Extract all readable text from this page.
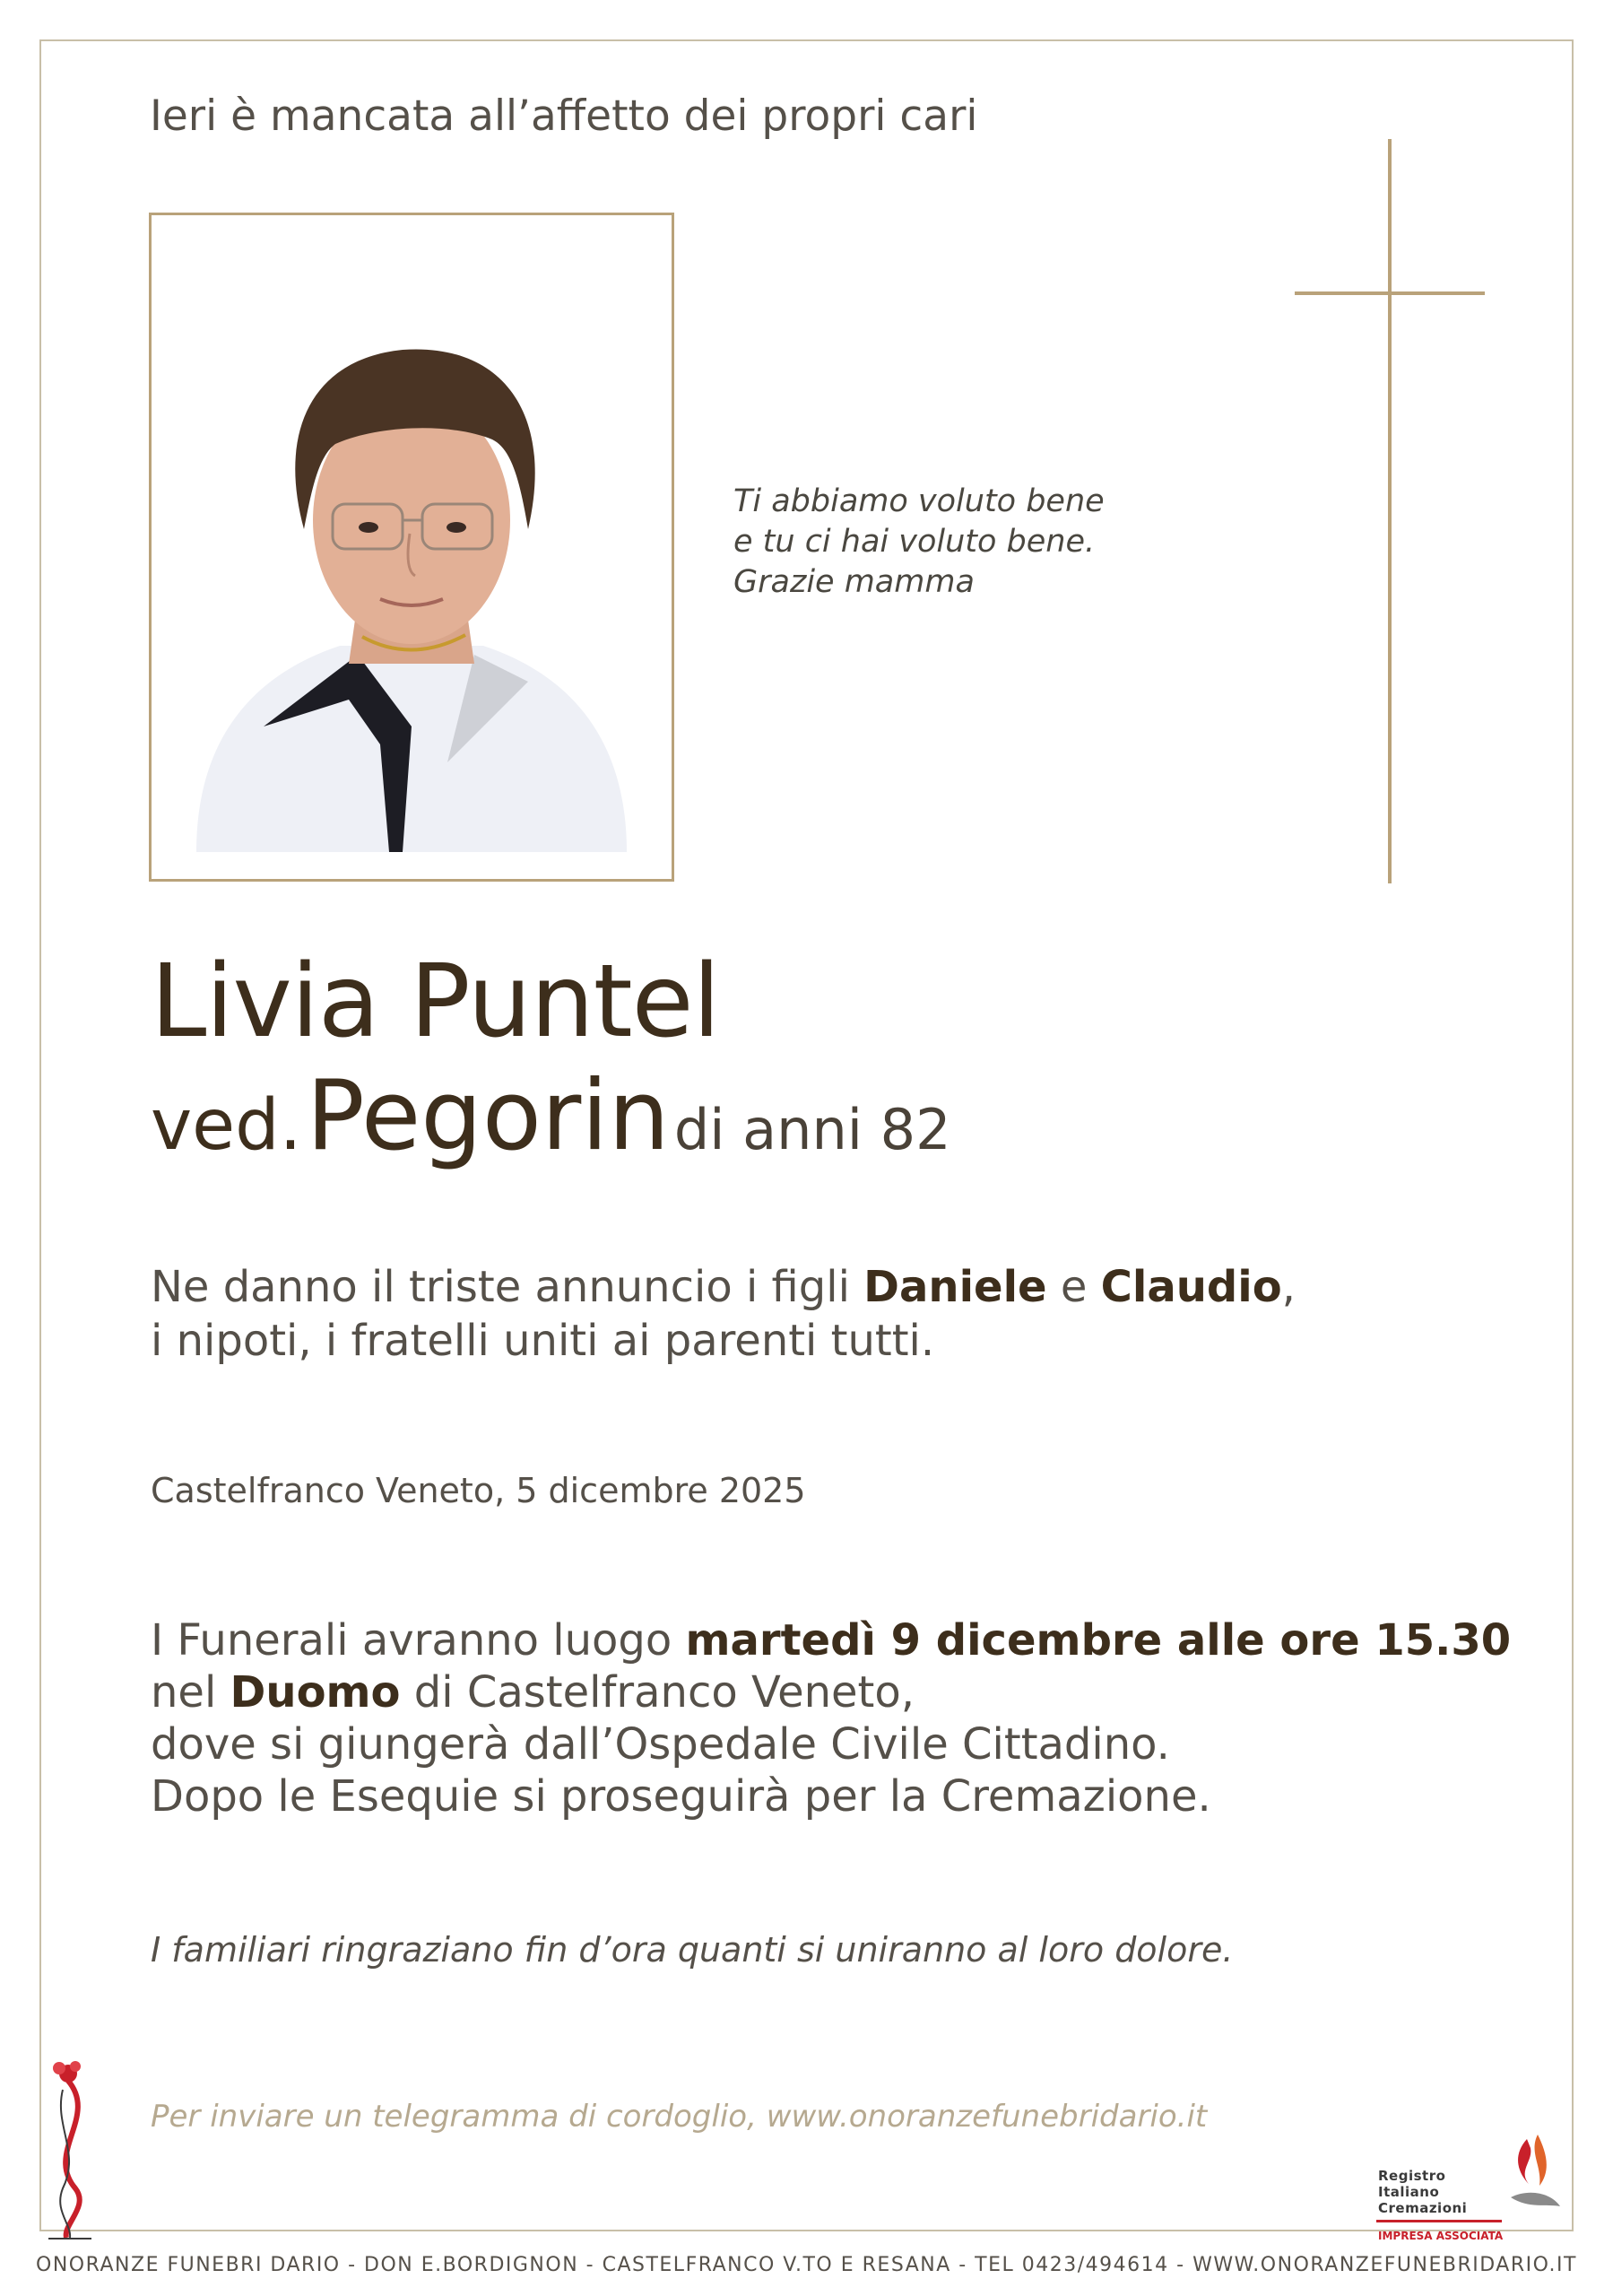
Ieri è mancata all’affetto dei propri cari
Ti abbiamo voluto bene
e tu ci hai voluto bene.
Grazie mamma
Livia Puntel
ved. Pegorin di anni 82
Ne danno il triste annuncio i figli Daniele e Claudio,
i nipoti, i fratelli uniti ai parenti tutti.
Castelfranco Veneto, 5 dicembre 2025
I Funerali avranno luogo martedì 9 dicembre alle ore 15.30
nel Duomo di Castelfranco Veneto,
dove si giungerà dall’Ospedale Civile Cittadino.
Dopo le Esequie si proseguirà per la Cremazione.
I familiari ringraziano fin d’ora quanti si uniranno al loro dolore.
Per inviare un telegramma di cordoglio, www.onoranzefunebridario.it
Registro
Italiano
Cremazioni
IMPRESA ASSOCIATA
ONORANZE FUNEBRI DARIO - DON E.BORDIGNON - CASTELFRANCO V.TO E RESANA - TEL 0423/494614 - WWW.ONORANZEFUNEBRIDARIO.IT
